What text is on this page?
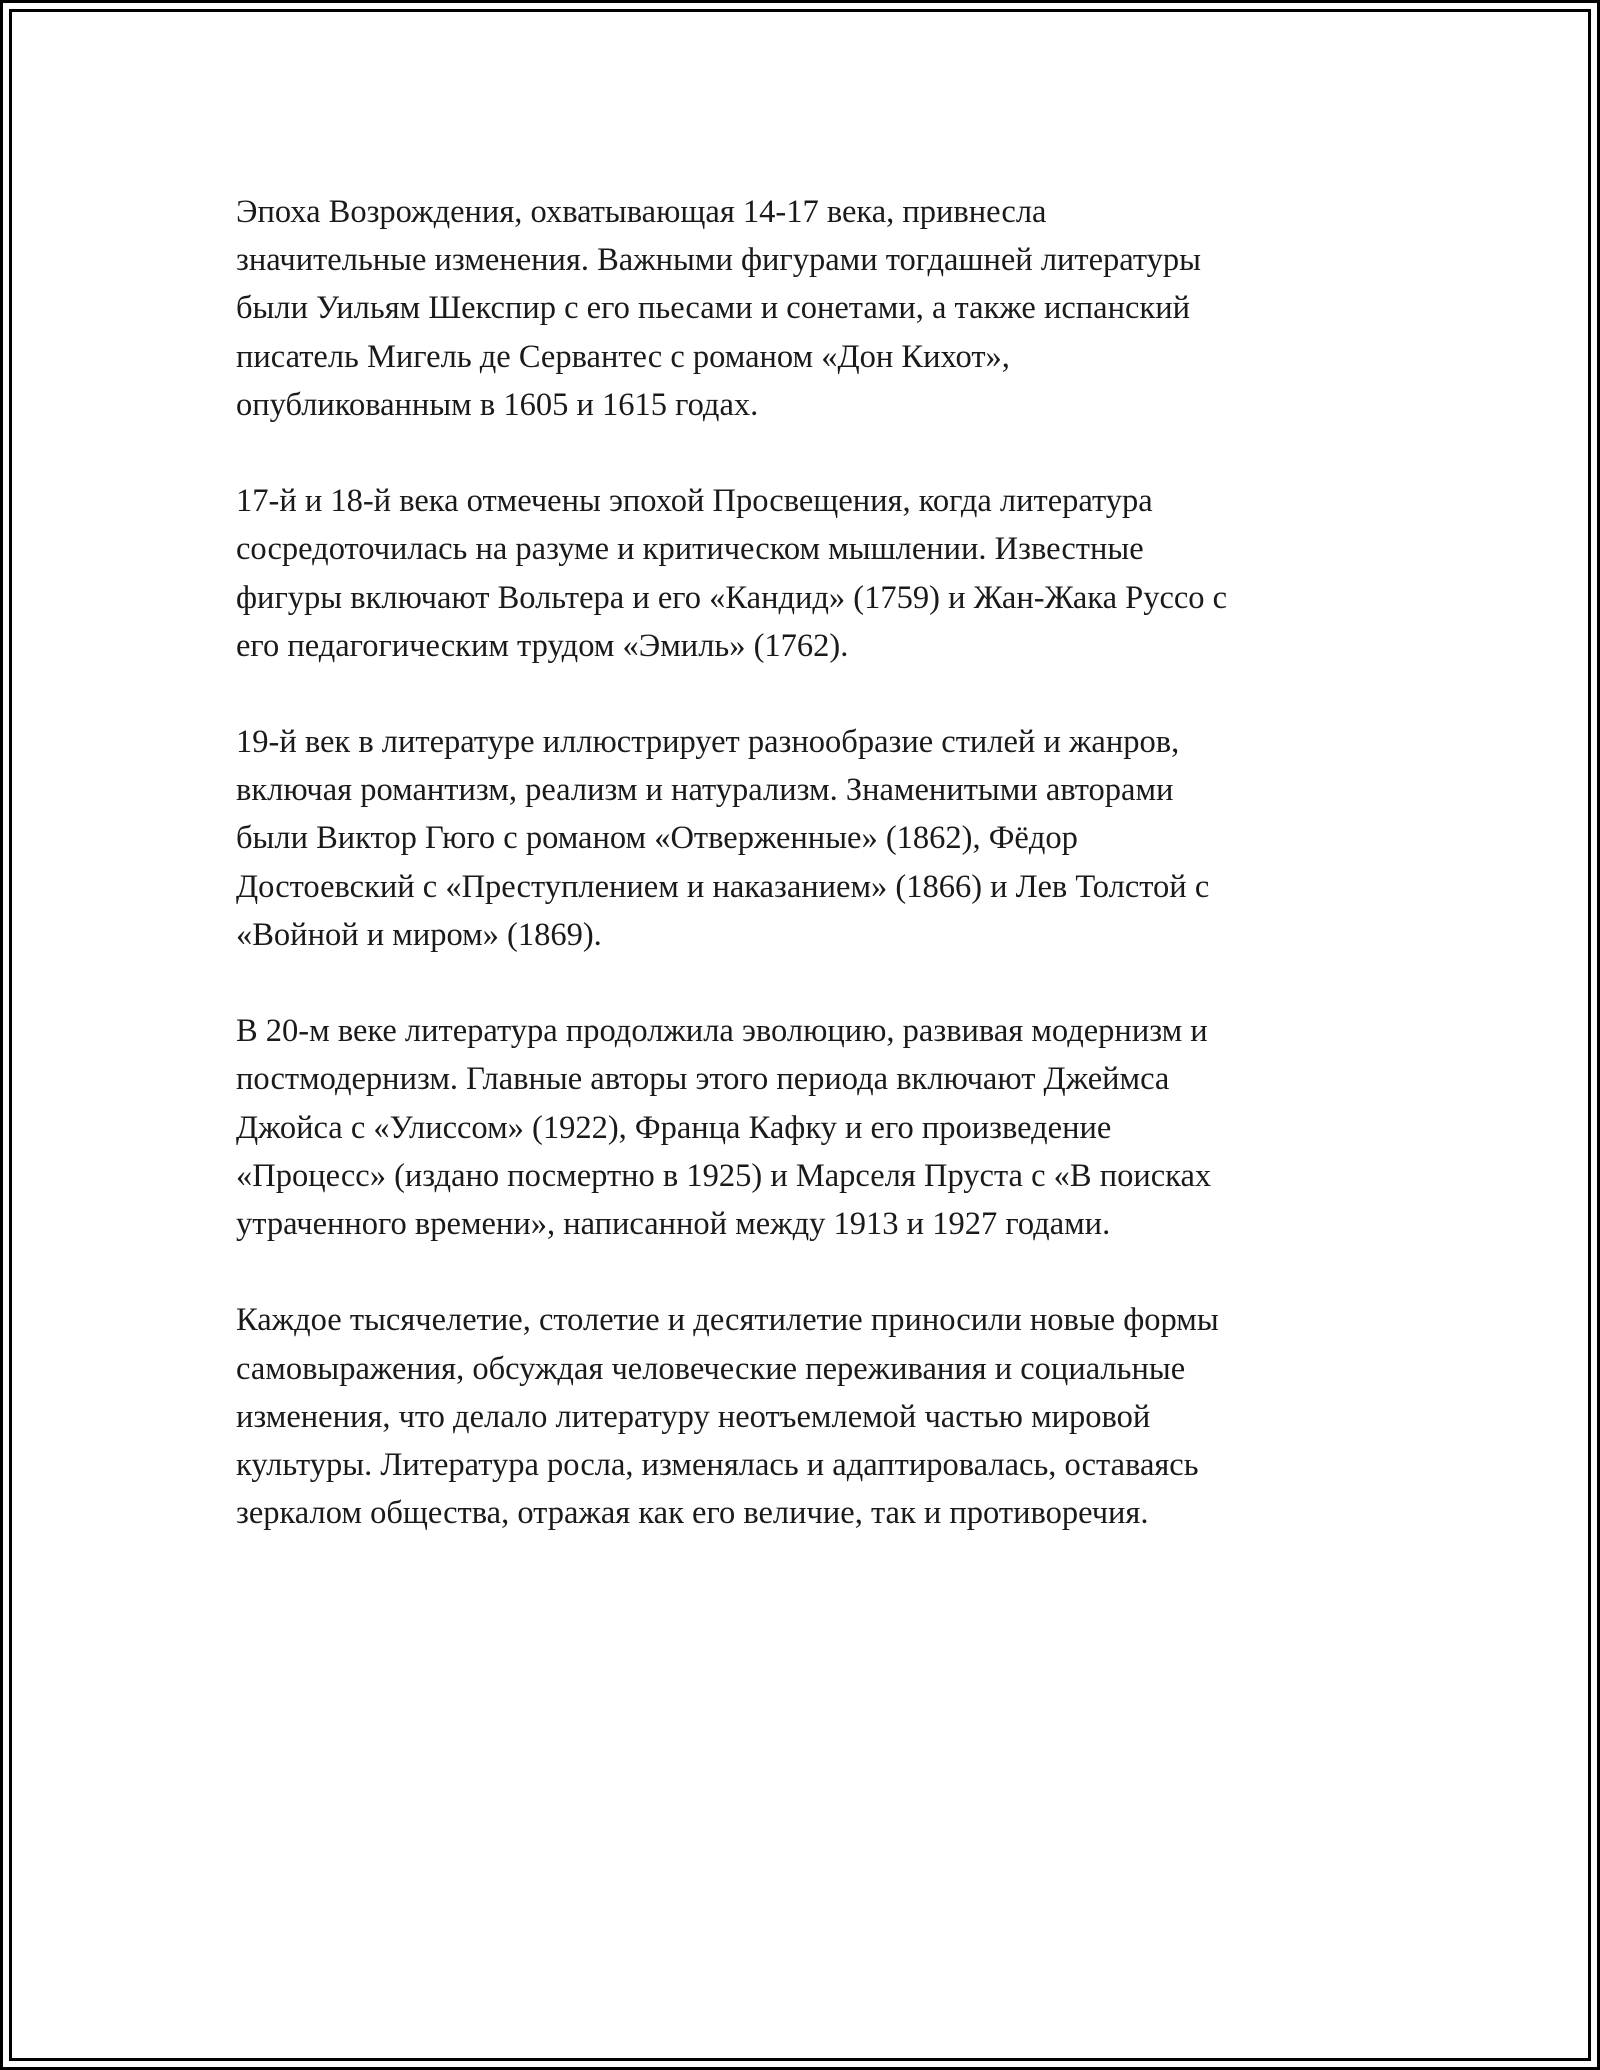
Эпоха Возрождения, охватывающая 14-17 века, привнесла
значительные изменения. Важными фигурами тогдашней литературы
были Уильям Шекспир с его пьесами и сонетами, а также испанский
писатель Мигель де Сервантес с романом «Дон Кихот»,
опубликованным в 1605 и 1615 годах.
17-й и 18-й века отмечены эпохой Просвещения, когда литература
сосредоточилась на разуме и критическом мышлении. Известные
фигуры включают Вольтера и его «Кандид» (1759) и Жан-Жака Руссо с
его педагогическим трудом «Эмиль» (1762).
19-й век в литературе иллюстрирует разнообразие стилей и жанров,
включая романтизм, реализм и натурализм. Знаменитыми авторами
были Виктор Гюго с романом «Отверженные» (1862), Фёдор
Достоевский с «Преступлением и наказанием» (1866) и Лев Толстой с
«Войной и миром» (1869).
В 20-м веке литература продолжила эволюцию, развивая модернизм и
постмодернизм. Главные авторы этого периода включают Джеймса
Джойса с «Улиссом» (1922), Франца Кафку и его произведение
«Процесс» (издано посмертно в 1925) и Марселя Пруста с «В поисках
утраченного времени», написанной между 1913 и 1927 годами.
Каждое тысячелетие, столетие и десятилетие приносили новые формы
самовыражения, обсуждая человеческие переживания и социальные
изменения, что делало литературу неотъемлемой частью мировой
культуры. Литература росла, изменялась и адаптировалась, оставаясь
зеркалом общества, отражая как его величие, так и противоречия.
